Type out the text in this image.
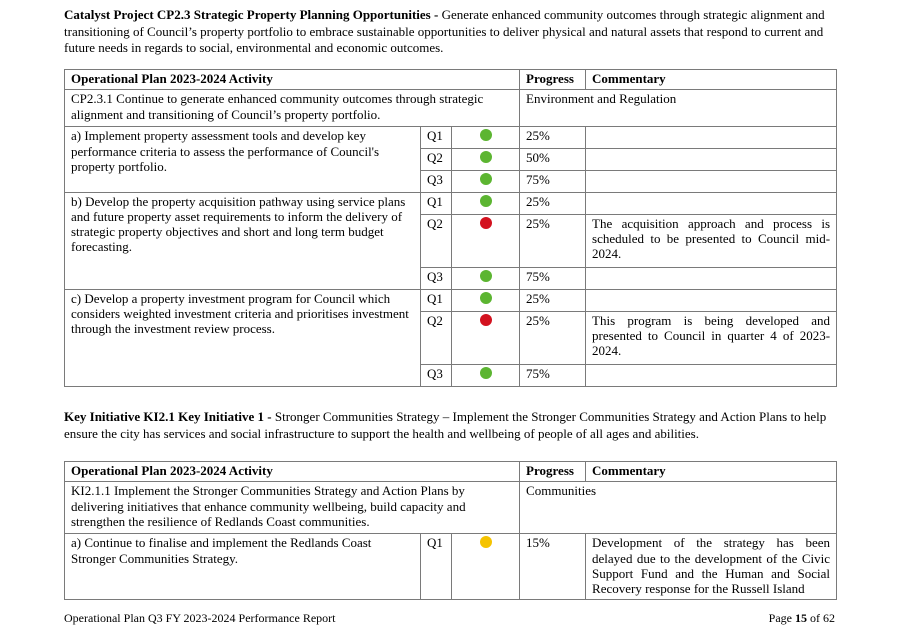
Catalyst Project CP2.3 Strategic Property Planning Opportunities - Generate enhanced community outcomes through strategic alignment and transitioning of Council’s property portfolio to embrace sustainable opportunities to deliver physical and natural assets that respond to current and future needs in regards to social, environmental and economic outcomes.

Operational Plan 2023-2024 Activity			Progress	Commentary
CP2.3.1 Continue to generate enhanced community outcomes through strategic alignment and transitioning of Council’s property portfolio.			Environment and Regulation	
a) Implement property assessment tools and develop key performance criteria to assess the performance of Council's property portfolio.	Q1		25%	
	Q2		50%	
	Q3		75%	
b) Develop the property acquisition pathway using service plans and future property asset requirements to inform the delivery of strategic property objectives and short and long term budget forecasting.	Q1		25%	
	Q2		25%	The acquisition approach and process is scheduled to be presented to Council mid-2024.
	Q3		75%	
c) Develop a property investment program for Council which considers weighted investment criteria and prioritises investment through the investment review process.	Q1		25%	
	Q2		25%	This program is being developed and presented to Council in quarter 4 of 2023-2024.
	Q3		75%	

Key Initiative KI2.1 Key Initiative 1 - Stronger Communities Strategy – Implement the Stronger Communities Strategy and Action Plans to help ensure the city has services and social infrastructure to support the health and wellbeing of people of all ages and abilities.

Operational Plan 2023-2024 Activity			Progress	Commentary
KI2.1.1 Implement the Stronger Communities Strategy and Action Plans by delivering initiatives that enhance community wellbeing, build capacity and strengthen the resilience of Redlands Coast communities.			Communities	
a) Continue to finalise and implement the Redlands Coast Stronger Communities Strategy.	Q1		15%	Development of the strategy has been delayed due to the development of the Civic Support Fund and the Human and Social Recovery response for the Russell Island
Operational Plan Q3 FY 2023-2024 Performance Report	Page 15 of 62
